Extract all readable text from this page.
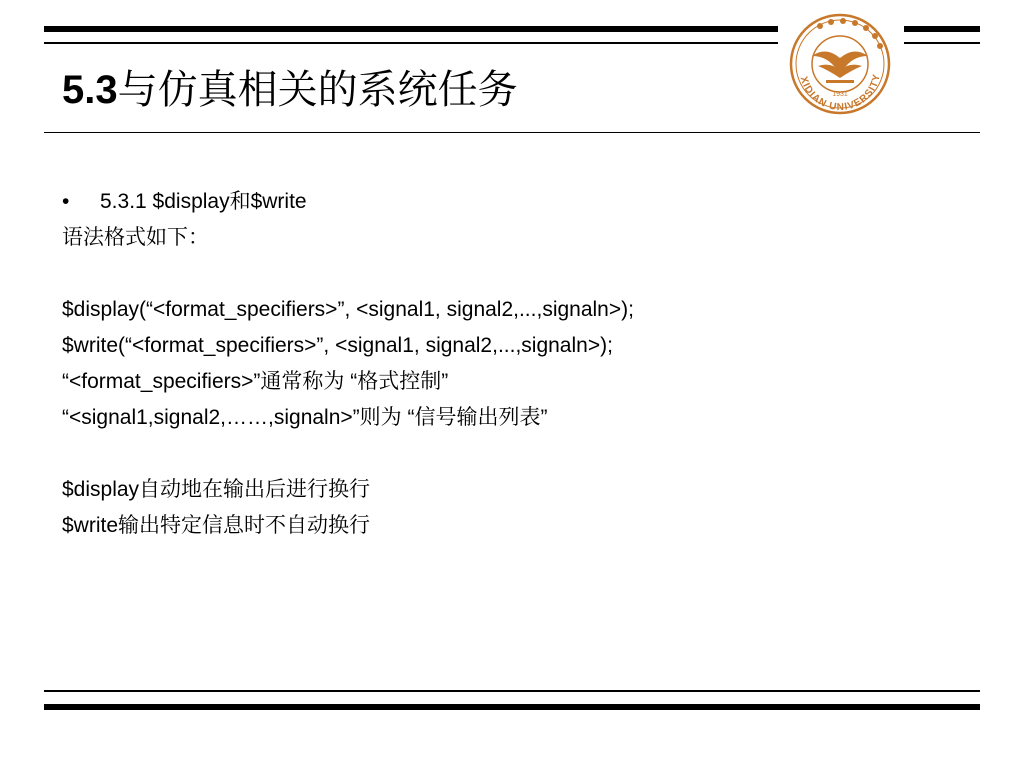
XIDIAN UNIVERSITY
1931
5.3与仿真相关的系统任务
• 5.3.1 $display和$write
语法格式如下：
$display(“<format_specifiers>”, <signal1, signal2,...,signaln>);
$write(“<format_specifiers>”, <signal1, signal2,...,signaln>);
“<format_specifiers>”通常称为 “格式控制”
“<signal1,signal2,……,signaln>”则为 “信号输出列表”
$display自动地在输出后进行换行
$write输出特定信息时不自动换行
